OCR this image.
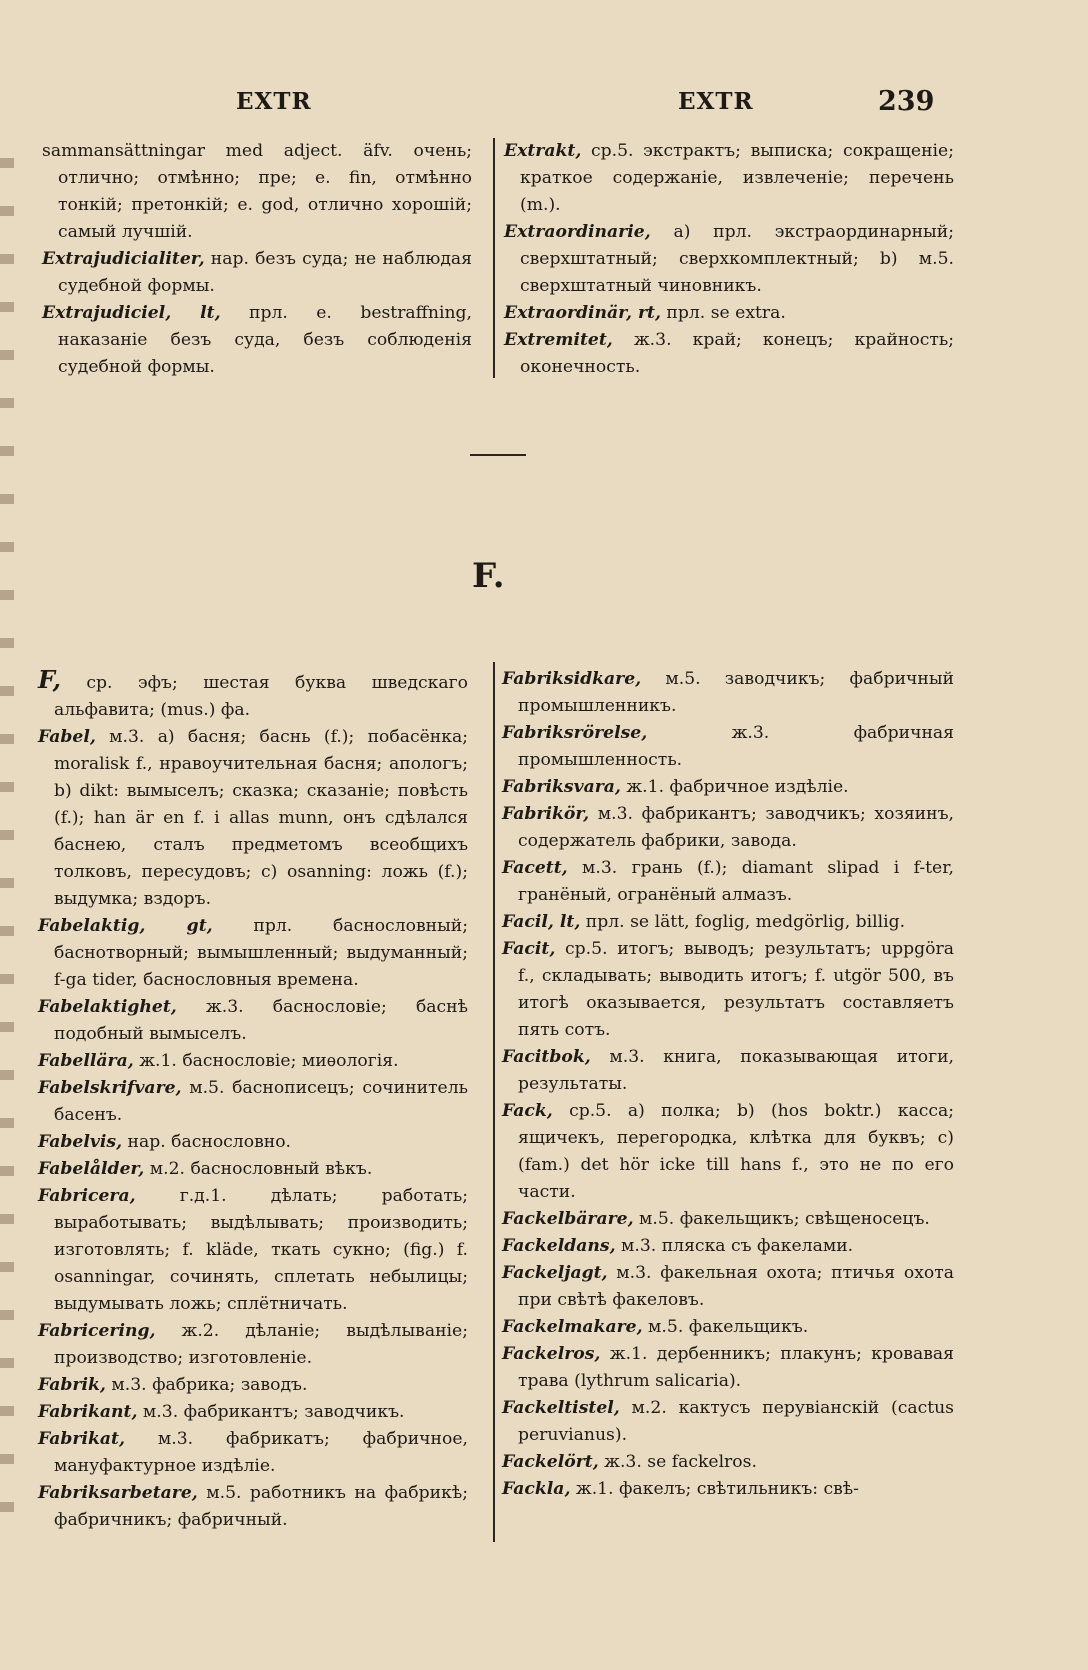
EXTR	EXTR	239

sammansättningar med adject. äfv. очень; отлично; отмѣнно; пре; e. fin, отмѣнно тонкій; претонкій; e. god, отлично хорошій; самый лучшій.

Extrajudicialiter, нар. безъ суда; не наблюдая судебной формы.

Extrajudiciel, lt, прл. e. bestraffning, наказаніе безъ суда, безъ соблюденія судебной формы.

Extrakt, ср.5. экстрактъ; выписка; сокращеніе; краткое содержаніе, извлеченіе; перечень (m.).

Extraordinarie, a) прл. экстраординарный; сверхштатный; сверхкомплектный; b) м.5. сверхштатный чиновникъ.

Extraordinär, rt, прл. se extra.

Extremitet, ж.3. край; конецъ; крайность; оконечность.

F.

F, ср. эфъ; шестая буква шведскаго альфавита; (mus.) фа.

Fabel, м.3. a) басня; баснь (f.); побасёнка; moralisk f., нравоучительная басня; апологъ; b) dikt: вымыселъ; сказка; сказаніе; повѣсть (f.); han är en f. i allas munn, онъ сдѣлался баснею, сталъ предметомъ всеобщихъ толковъ, пересудовъ; c) osanning: ложь (f.); выдумка; вздоръ.

Fabelaktig, gt, прл. баснословный; баснотворный; вымышленный; выдуманный; f-ga tider, баснословныя времена.

Fabelaktighet, ж.3. баснословіе; баснѣ подобный вымыселъ.

Fabellära, ж.1. баснословіе; миѳологія.

Fabelskrifvare, м.5. баснописецъ; сочинитель басенъ.

Fabelvis, нар. баснословно.

Fabelålder, м.2. баснословный вѣкъ.

Fabricera, г.д.1. дѣлать; работать; выработывать; выдѣлывать; производить; изготовлять; f. kläde, ткать сукно; (fig.) f. osanningar, сочинять, сплетать небылицы; выдумывать ложь; сплётничать.

Fabricering, ж.2. дѣланіе; выдѣлываніе; производство; изготовленіе.

Fabrik, м.3. фабрика; заводъ.

Fabrikant, м.3. фабрикантъ; заводчикъ.

Fabrikat, м.3. фабрикатъ; фабричное, мануфактурное издѣліе.

Fabriksarbetare, м.5. работникъ на фабрикѣ; фабричникъ; фабричный.

Fabriksidkare, м.5. заводчикъ; фабричный промышленникъ.

Fabriksrörelse, ж.3. фабричная промышленность.

Fabriksvara, ж.1. фабричное издѣліе.

Fabrikör, м.3. фабрикантъ; заводчикъ; хозяинъ, содержатель фабрики, завода.

Facett, м.3. грань (f.); diamant slipad i f-ter, гранёный, огранёный алмазъ.

Facil, lt, прл. se lätt, foglig, medgörlig, billig.

Facit, ср.5. итогъ; выводъ; результатъ; uppgöra f., складывать; выводить итогъ; f. utgör 500, въ итогѣ оказывается, результатъ составляетъ пять сотъ.

Facitbok, м.3. книга, показывающая итоги, результаты.

Fack, ср.5. a) полка; b) (hos boktr.) касса; ящичекъ, перегородка, клѣтка для буквъ; c) (fam.) det hör icke till hans f., это не по его части.

Fackelbärare, м.5. факельщикъ; свѣщеносецъ.

Fackeldans, м.3. пляска съ факелами.

Fackeljagt, м.3. факельная охота; птичья охота при свѣтѣ факеловъ.

Fackelmakare, м.5. факельщикъ.

Fackelros, ж.1. дербенникъ; плакунъ; кровавая трава (lythrum salicaria).

Fackeltistel, м.2. кактусъ перувіанскій (cactus peruvianus).

Fackelört, ж.3. se fackelros.

Fackla, ж.1. факелъ; свѣтильникъ: свѣ-
